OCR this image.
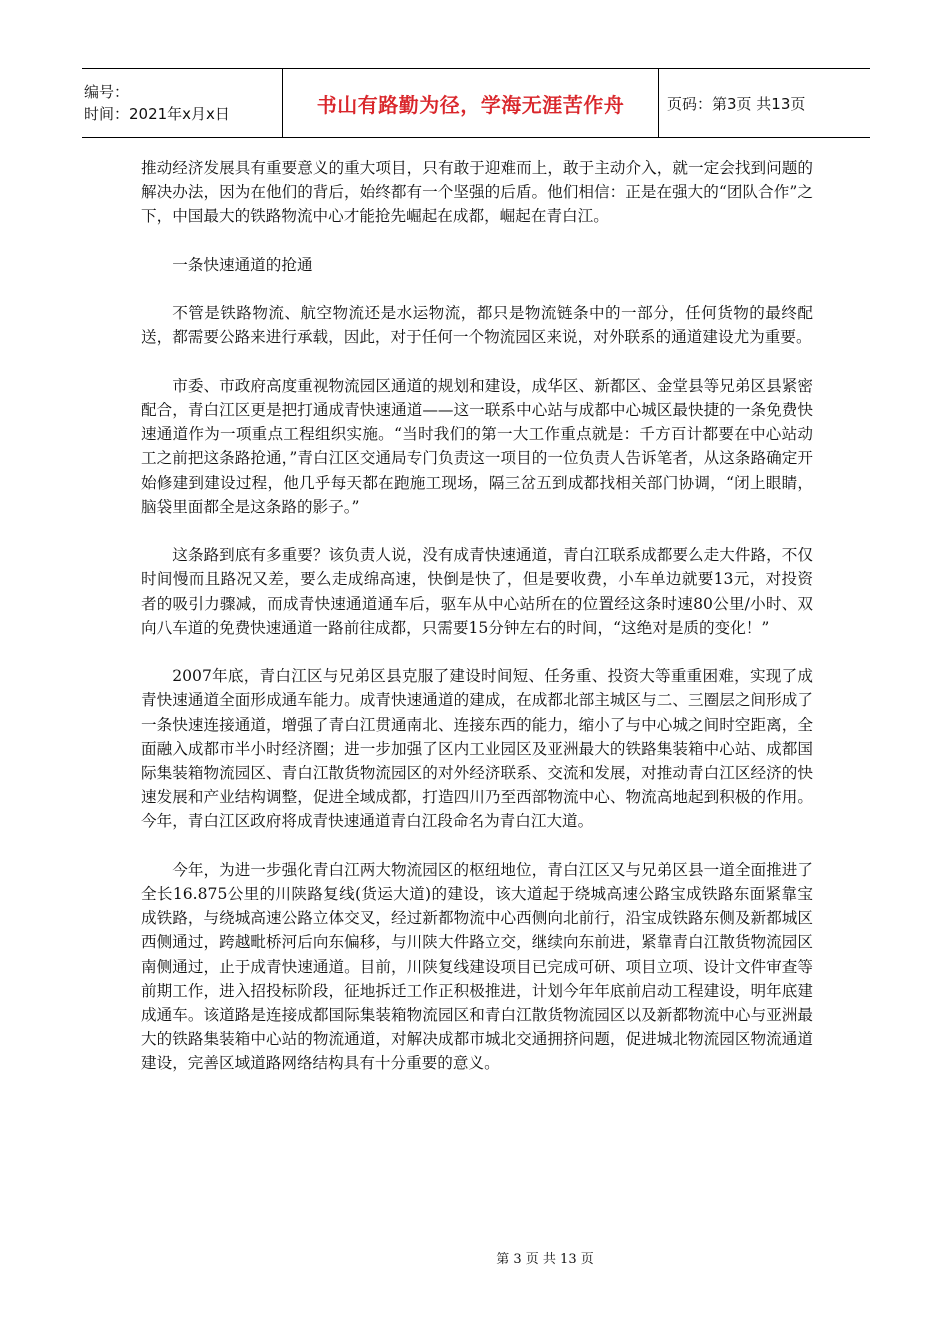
编号：
时间：2021年x月x日	书山有路勤为径，学海无涯苦作舟	页码：第3页 共13页

推动经济发展具有重要意义的重大项目，只有敢于迎难而上，敢于主动介入，就一定会找到问题的解决办法，因为在他们的背后，始终都有一个坚强的后盾。他们相信：正是在强大的“团队合作”之下，中国最大的铁路物流中心才能抢先崛起在成都，崛起在青白江。

一条快速通道的抢通

不管是铁路物流、航空物流还是水运物流，都只是物流链条中的一部分，任何货物的最终配送，都需要公路来进行承载，因此，对于任何一个物流园区来说，对外联系的通道建设尤为重要。

市委、市政府高度重视物流园区通道的规划和建设，成华区、新都区、金堂县等兄弟区县紧密配合，青白江区更是把打通成青快速通道——这一联系中心站与成都中心城区最快捷的一条免费快速通道作为一项重点工程组织实施。“当时我们的第一大工作重点就是：千方百计都要在中心站动工之前把这条路抢通，”青白江区交通局专门负责这一项目的一位负责人告诉笔者，从这条路确定开始修建到建设过程，他几乎每天都在跑施工现场，隔三岔五到成都找相关部门协调，“闭上眼睛，脑袋里面都全是这条路的影子。”

这条路到底有多重要？该负责人说，没有成青快速通道，青白江联系成都要么走大件路，不仅时间慢而且路况又差，要么走成绵高速，快倒是快了，但是要收费，小车单边就要13元，对投资者的吸引力骤减，而成青快速通道通车后，驱车从中心站所在的位置经这条时速80公里/小时、双向八车道的免费快速通道一路前往成都，只需要15分钟左右的时间，“这绝对是质的变化！”

2007年底，青白江区与兄弟区县克服了建设时间短、任务重、投资大等重重困难，实现了成青快速通道全面形成通车能力。成青快速通道的建成，在成都北部主城区与二、三圈层之间形成了一条快速连接通道，增强了青白江贯通南北、连接东西的能力，缩小了与中心城之间时空距离，全面融入成都市半小时经济圈；进一步加强了区内工业园区及亚洲最大的铁路集装箱中心站、成都国际集装箱物流园区、青白江散货物流园区的对外经济联系、交流和发展，对推动青白江区经济的快速发展和产业结构调整，促进全域成都，打造四川乃至西部物流中心、物流高地起到积极的作用。今年，青白江区政府将成青快速通道青白江段命名为青白江大道。

今年，为进一步强化青白江两大物流园区的枢纽地位，青白江区又与兄弟区县一道全面推进了全长16.875公里的川陕路复线(货运大道)的建设，该大道起于绕城高速公路宝成铁路东面紧靠宝成铁路，与绕城高速公路立体交叉，经过新都物流中心西侧向北前行，沿宝成铁路东侧及新都城区西侧通过，跨越毗桥河后向东偏移，与川陕大件路立交，继续向东前进，紧靠青白江散货物流园区南侧通过，止于成青快速通道。目前，川陕复线建设项目已完成可研、项目立项、设计文件审查等前期工作，进入招投标阶段，征地拆迁工作正积极推进，计划今年年底前启动工程建设，明年底建成通车。该道路是连接成都国际集装箱物流园区和青白江散货物流园区以及新都物流中心与亚洲最大的铁路集装箱中心站的物流通道，对解决成都市城北交通拥挤问题，促进城北物流园区物流通道建设，完善区域道路网络结构具有十分重要的意义。

第 3 页 共 13 页
